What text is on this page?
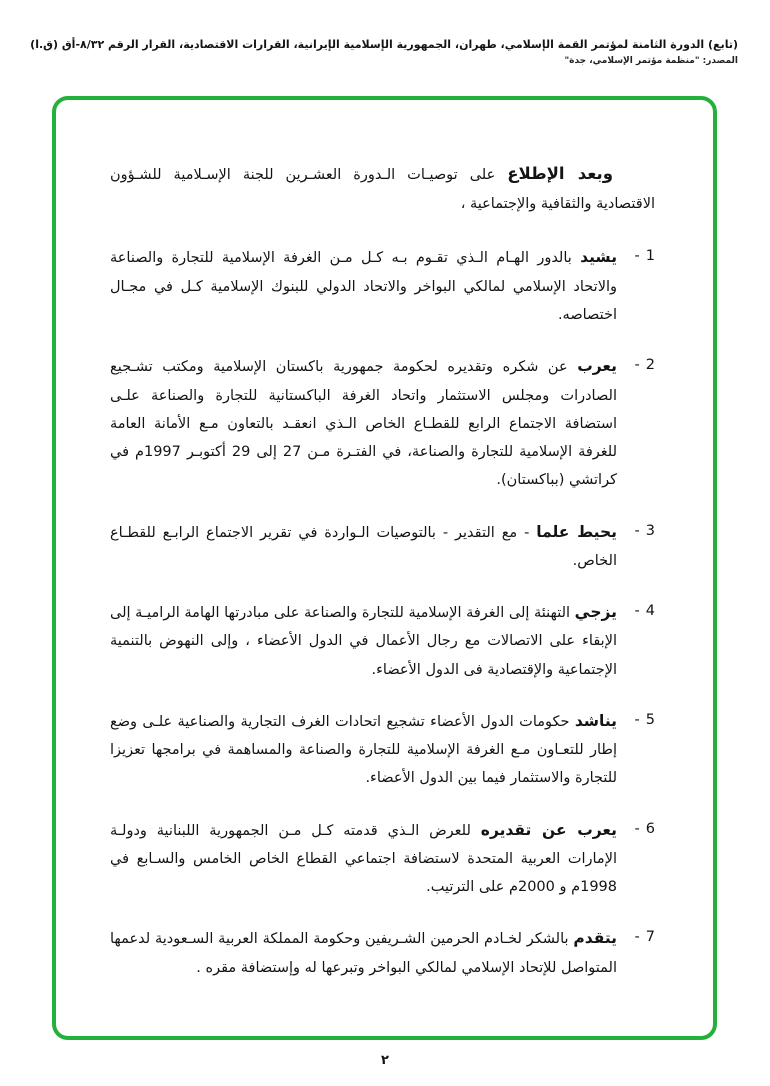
(تابع) الدورة الثامنة لمؤتمر القمة الإسلامي، طهران، الجمهورية الإسلامية الإيرانية، القرارات الاقتصادية، القرار الرقم ٨/٣٢-أق (ق.ا)
المصدر: "منظمة مؤتمر الإسلامي، جدة"

وبعد الإطلاع على توصيـات الـدورة العشـرين للجنة الإسـلامية للشـؤون الاقتصادية والثقافية والإجتماعية ،

1
-
يشيد بالدور الهـام الـذي تقـوم بـه كـل مـن الغرفة الإسلامية للتجارة والصناعة والاتحاد الإسلامي لمالكي البواخر والاتحاد الدولي للبنوك الإسلامية كـل في مجـال اختصاصه.
2
-
يعرب عن شكره وتقديره لحكومة جمهورية باكستان الإسلامية ومكتب تشـجيع الصادرات ومجلس الاستثمار واتحاد الغرفة الباكستانية للتجارة والصناعة علـى استضافة الاجتماع الرابع للقطـاع الخاص الـذي انعقـد بالتعاون مـع الأمانة العامة للغرفة الإسلامية للتجارة والصناعة، في الفتـرة مـن 27 إلى 29 أكتوبـر 1997م في كراتشي (بباكستان).
3
-
يحيط علما - مع التقدير - بالتوصيات الـواردة في تقرير الاجتماع الرابـع للقطـاع الخاص.
4
-
يزجي التهنئة إلى الغرفة الإسلامية للتجارة والصناعة على مبادرتها الهامة الراميـة إلى الإبقاء على الاتصالات مع رجال الأعمال في الدول الأعضاء ، وإلى النهوض بالتنمية الإجتماعية والإقتصادية فى الدول الأعضاء.
5
-
يناشد حكومات الدول الأعضاء تشجيع اتحادات الغرف التجارية والصناعية علـى وضع إطار للتعـاون مـع الغرفة الإسلامية للتجارة والصناعة والمساهمة في برامجها تعزيزا للتجارة والاستثمار فيما بين الدول الأعضاء.
6
-
يعرب عن تقديره للعرض الـذي قدمته كـل مـن الجمهورية اللبنانية ودولـة الإمارات العربية المتحدة لاستضافة اجتماعي القطاع الخاص الخامس والسـابع في 1998م و 2000م على الترتيب.
7
-
يتقدم بالشكر لخـادم الحرمين الشـريفين وحكومة المملكة العربية السـعودية لدعمها المتواصل للإتحاد الإسلامي لمالكي البواخر وتبرعها له وإستضافة مقره .
٢
